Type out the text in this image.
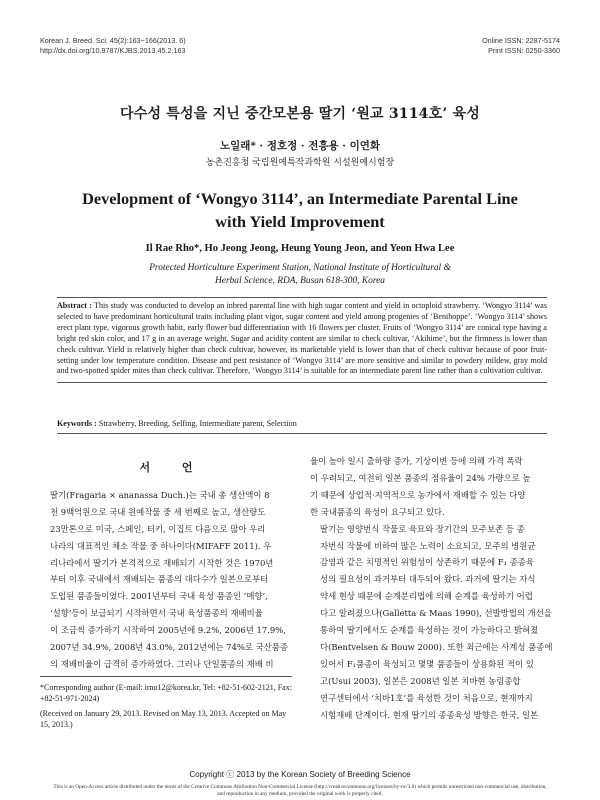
Korean J. Breed. Sci. 45(2):163~166(2013. 6)
http://dx.doi.org/10.9787/KJBS.2013.45.2.163
Online ISSN: 2287-5174
Print ISSN: 0250-3360
다수성 특성을 지닌 중간모본용 딸기 ‘원교 3114호’ 육성
노일래* · 정호정 · 전흥용 · 이연화
농촌진흥청 국립원예특작과학원 시설원예시험장
Development of ‘Wongyo 3114’, an Intermediate Parental Line
with Yield Improvement
Il Rae Rho*, Ho Jeong Jeong, Heung Young Jeon, and Yeon Hwa Lee
Protected Horticulture Experiment Station, National Institute of Horticultural &
Herbal Science, RDA, Busan 618-300, Korea
Abstract : This study was conducted to develop an inbred parental line with high sugar content and yield in octoploid strawberry. ‘Wongyo 3114’ was selected to have predominant horticultural traits including plant vigor, sugar content and yield among progenies of ‘Benihoppe’. ‘Wongyo 3114’ shows erect plant type, vigorous growth habit, early flower bud differentiation with 16 flowers per cluster. Fruits of ‘Wongyo 3114’ are conical type having a bright red skin color, and 17 g in an average weight. Sugar and acidity content are similar to check cultivar, ‘Akihime’, but the firmness is lower than check cultivar. Yield is relatively higher than check cultivar, however, its marketable yield is lower than that of check cultivar because of poor fruit-setting under low temperature condition. Disease and pest resistance of ‘Wongyo 3114’ are more sensitive and similar to powdery mildew, gray mold and two-spotted spider mites than check cultivar. Therefore, ‘Wongyo 3114’ is suitable for an intermediate parent line rather than a cultivation cultivar.
Keywords : Strawberry, Breeding, Selfing, Intermediate parent, Selection
서 언
딸기(Fragaria × ananassa Duch.)는 국내 총 생산액이 8
천 9백억원으로 국내 원예작물 중 세 번째로 높고, 생산량도
23만톤으로 미국, 스페인, 터키, 이집트 다음으로 많아 우리
나라의 대표적인 채소 작물 중 하나이다(MIFAFF 2011). 우
리나라에서 딸기가 본격적으로 재배되기 시작한 것은 1970년
부터 이후 국내에서 재배되는 품종의 대다수가 일본으로부터
도입된 품종들이었다. 2001년부터 국내 육성 품종인 ‘매향’,
‘설향’등이 보급되기 시작하면서 국내 육성품종의 재배비율
이 조금씩 증가하기 시작하여 2005년에 9.2%, 2006년 17.9%,
2007년 34.9%, 2008년 43.0%, 2012년에는 74%로 국산품종
의 재배비율이 급격히 증가하였다. 그러나 단일품종의 재배 비
율이 높아 일시 출하량 증가, 기상이변 등에 의해 가격 폭락
이 우려되고, 여전히 일본 품종의 점유율이 24% 가량으로 높
기 때문에 상업적·지역적으로 농가에서 재배할 수 있는 다양
한 국내품종의 육성이 요구되고 있다.
딸기는 영양번식 작물로 육묘와 장기간의 모주보존 등 종
자번식 작물에 비하여 많은 노력이 소요되고, 모주의 병원균
감염과 같은 치명적인 위험성이 상존하기 때문에 F₁ 종종육
성의 필요성이 과거부터 대두되어 왔다. 과거에 딸기는 자식
약세 현상 때문에 순계분리법에 의해 순계를 육성하기 어렵
다고 알려졌으나(Galletta & Maas 1990), 선발방법의 개선을
통하여 딸기에서도 순계를 육성하는 것이 가능하다고 밝혀졌
다(Bentvelsen & Bouw 2000). 또한 최근에는 사계성 품종에
있어서 F₁품종이 육성되고 몇몇 품종들이 상용화된 적이 있
고(Usui 2003), 일본은 2008년 일본 치바현 농림종합
연구센터에서 ‘치바1호’를 육성한 것이 처음으로, 현재까지
시험재배 단계이다. 현재 딸기의 종종육성 방향은 한국, 일본

*Corresponding author (E-mail: irno12@korea.kr, Tel: +82-51-602-2121, Fax: +82-51-971-2024)

(Received on January 29, 2013. Revised on May 13, 2013. Accepted on May 15, 2013.)

Copyright ⓒ 2013 by the Korean Society of Breeding Science
This is an Open-Access article distributed under the terms of the Creative Commons Attribution Non-Commercial License (http://creativecommons.org/licenses/by-nc/3.0) which permits unrestricted non-commercial use, distribution, and reproduction in any medium, provided the original work is properly cited.
